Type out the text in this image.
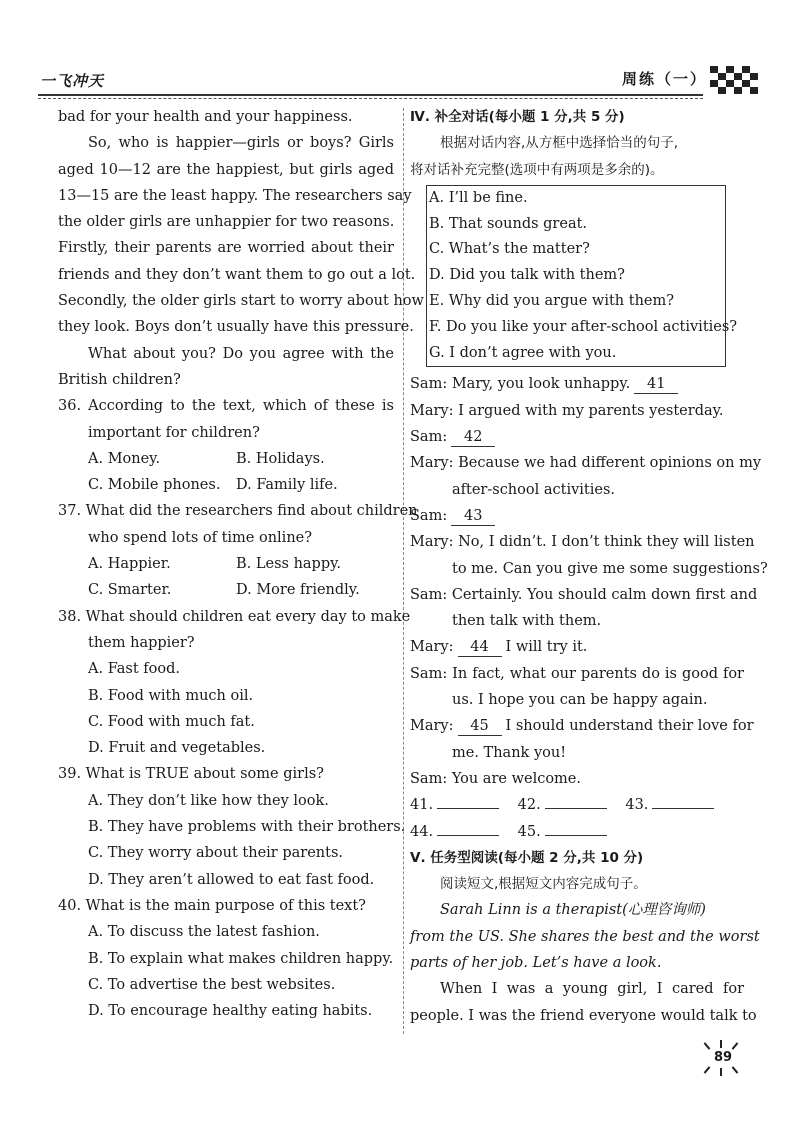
一飞冲天	周练（一）
bad for your health and your happiness.
So, who is happier—girls or boys? Girls
aged 10—12 are the happiest, but girls aged
13—15 are the least happy. The researchers say
the older girls are unhappier for two reasons.
Firstly, their parents are worried about their
friends and they don’t want them to go out a lot.
Secondly, the older girls start to worry about how
they look. Boys don’t usually have this pressure.
What about you? Do you agree with the
British children?
36. According to the text, which of these is
important for children?
A. Money.	B. Holidays.
C. Mobile phones.	D. Family life.
37. What did the researchers find about children
who spend lots of time online?
A. Happier.	B. Less happy.
C. Smarter.	D. More friendly.
38. What should children eat every day to make
them happier?
A. Fast food.
B. Food with much oil.
C. Food with much fat.
D. Fruit and vegetables.
39. What is TRUE about some girls?
A. They don’t like how they look.
B. They have problems with their brothers.
C. They worry about their parents.
D. They aren’t allowed to eat fast food.
40. What is the main purpose of this text?
A. To discuss the latest fashion.
B. To explain what makes children happy.
C. To advertise the best websites.
D. To encourage healthy eating habits.
Ⅳ. 补全对话(每小题 1 分,共 5 分)
根据对话内容,从方框中选择恰当的句子,
将对话补充完整(选项中有两项是多余的)。
A. I’ll be fine.
B. That sounds great.
C. What’s the matter?
D. Did you talk with them?
E. Why did you argue with them?
F. Do you like your after-school activities?
G. I don’t agree with you.
Sam: Mary, you look unhappy. 41
Mary: I argued with my parents yesterday.
Sam: 42
Mary: Because we had different opinions on my
after-school activities.
Sam: 43
Mary: No, I didn’t. I don’t think they will listen
to me. Can you give me some suggestions?
Sam: Certainly. You should calm down first and
then talk with them.
Mary: 44 I will try it.
Sam: In fact, what our parents do is good for
us. I hope you can be happy again.
Mary: 45 I should understand their love for
me. Thank you!
Sam: You are welcome.
41.	42.	43.
44.	45.
Ⅴ. 任务型阅读(每小题 2 分,共 10 分)
阅读短文,根据短文内容完成句子。
Sarah Linn is a therapist(心理咨询师)
from the US. She shares the best and the worst
parts of her job. Let’s have a look.
When I was a young girl, I cared for
people. I was the friend everyone would talk to
89
